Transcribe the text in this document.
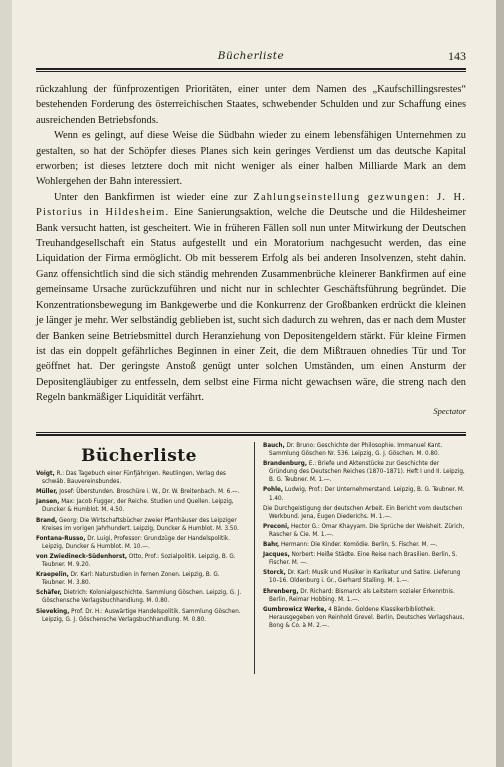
Bücherliste	143

rückzahlung der fünfprozentigen Prioritäten, einer unter dem Namen des „Kaufschillingsrestes“ bestehenden Forderung des österreichischen Staates, schwebender Schulden und zur Schaffung eines ausreichenden Betriebsfonds.

Wenn es gelingt, auf diese Weise die Südbahn wieder zu einem lebensfähigen Unternehmen zu gestalten, so hat der Schöpfer dieses Planes sich kein geringes Verdienst um das deutsche Kapital erworben; ist dieses letztere doch mit nicht weniger als einer halben Milliarde Mark an dem Wohlergehen der Bahn interessiert.

Unter den Bankfirmen ist wieder eine zur Zahlungseinstellung gezwungen: J. H. Pistorius in Hildesheim. Eine Sanierungsaktion, welche die Deutsche und die Hildesheimer Bank versucht hatten, ist gescheitert. Wie in früheren Fällen soll nun unter Mitwirkung der Deutschen Treuhandgesellschaft ein Status aufgestellt und ein Moratorium nachgesucht werden, das eine Liquidation der Firma ermöglicht. Ob mit besserem Erfolg als bei anderen Insolvenzen, steht dahin. Ganz offensichtlich sind die sich ständig mehrenden Zusammenbrüche kleinerer Bankfirmen auf eine gemeinsame Ursache zurückzuführen und nicht nur in schlechter Geschäftsführung begründet. Die Konzentrationsbewegung im Bankgewerbe und die Konkurrenz der Großbanken erdrückt die kleinen je länger je mehr. Wer selbständig geblieben ist, sucht sich dadurch zu wehren, das er nach dem Muster der Banken seine Betriebsmittel durch Heranziehung von Depositengeldern stärkt. Für kleine Firmen ist das ein doppelt gefährliches Beginnen in einer Zeit, die dem Mißtrauen ohnedies Tür und Tor geöffnet hat. Der geringste Anstoß genügt unter solchen Umständen, um einen Ansturm der Depositengläubiger zu entfesseln, dem selbst eine Firma nicht gewachsen wäre, die streng nach den Regeln bankmäßiger Liquidität verfährt.

Spectator
Bücherliste
Voigt, R.: Das Tagebuch einer Fünfjährigen. Reutlingen, Verlag des schwäb. Bauvereinsbundes.
Müller, Josef: Überstunden. Broschüre i. W., Dr. W. Breitenbach. M. 6.—.
Jansen, Max: Jacob Fugger, der Reiche. Studien und Quellen. Leipzig, Duncker & Humblot. M. 4.50.
Brand, Georg: Die Wirtschaftsbücher zweier Pfarrhäuser des Leipziger Kreises im vorigen Jahrhundert. Leipzig, Duncker & Humblot. M. 3.50.
Fontana-Russo, Dr. Luigi, Professor: Grundzüge der Handelspolitik. Leipzig, Duncker & Humblot. M. 10.—.
von Zwiedineck-Südenhorst, Otto, Prof.: Sozialpolitik. Leipzig, B. G. Teubner. M. 9.20.
Kraepelin, Dr. Karl: Naturstudien in fernen Zonen. Leipzig, B. G. Teubner. M. 3.80.
Schäfer, Dietrich: Kolonialgeschichte. Sammlung Göschen. Leipzig, G. J. Göschensche Verlagsbuchhandlung. M. 0.80.
Sieveking, Prof. Dr. H.: Auswärtige Handelspolitik. Sammlung Göschen. Leipzig, G. J. Göschensche Verlagsbuchhandlung. M. 0.80.
Bauch, Dr. Bruno: Geschichte der Philosophie. Immanuel Kant. Sammlung Göschen Nr. 536. Leipzig, G. J. Göschen. M. 0.80.
Brandenburg, E.: Briefe und Aktenstücke zur Geschichte der Gründung des Deutschen Reiches (1870–1871). Heft I und II. Leipzig, B. G. Teubner. M. 1.—.
Pohle, Ludwig, Prof.: Der Unternehmerstand. Leipzig, B. G. Teubner. M. 1.40.
Die Durchgeistigung der deutschen Arbeit. Ein Bericht vom deutschen Werkbund. Jena, Eugen Diederichs. M. 1.—.
Preconi, Hector G.: Omar Khayyam. Die Sprüche der Weisheit. Zürich, Rascher & Cie. M. 1.—.
Bahr, Hermann: Die Kinder. Komödie. Berlin, S. Fischer. M. —.
Jacques, Norbert: Heiße Städte. Eine Reise nach Brasilien. Berlin, S. Fischer. M. —.
Storck, Dr. Karl: Musik und Musiker in Karikatur und Satire. Lieferung 10–16. Oldenburg i. Gr., Gerhard Stalling. M. 1.—.
Ehrenberg, Dr. Richard: Bismarck als Leitstern sozialer Erkenntnis. Berlin, Reimar Hobbing. M. 1.—.
Gumbrowicz Werke, 4 Bände. Goldene Klassikerbibliothek. Herausgegeben von Reinhold Grevel. Berlin, Deutsches Verlagshaus, Bong & Co. à M. 2.—.
